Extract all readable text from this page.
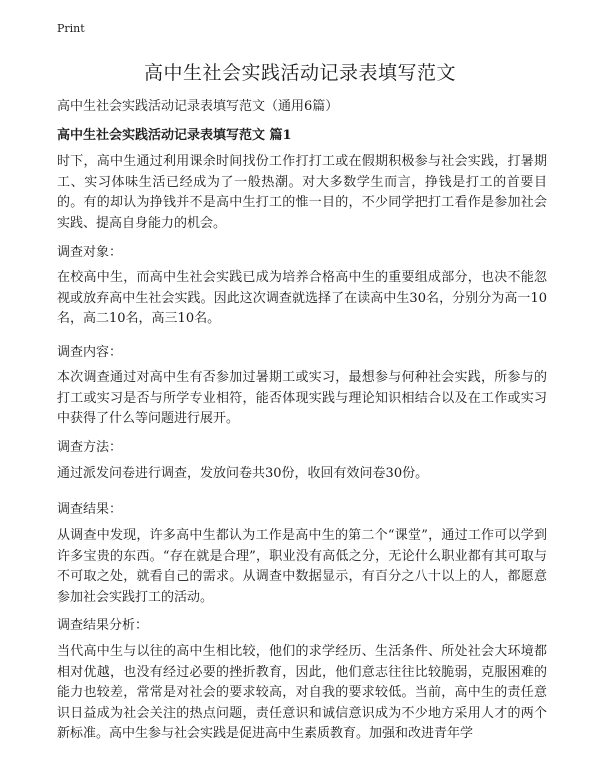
Print
高中生社会实践活动记录表填写范文

高中生社会实践活动记录表填写范文（通用6篇）

高中生社会实践活动记录表填写范文 篇1

时下，高中生通过利用课余时间找份工作打打工或在假期积极参与社会实践，打暑期工、实习体味生活已经成为了一般热潮。对大多数学生而言，挣钱是打工的首要目的。有的却认为挣钱并不是高中生打工的惟一目的，不少同学把打工看作是参加社会实践、提高自身能力的机会。

调查对象：

在校高中生，而高中生社会实践已成为培养合格高中生的重要组成部分，也决不能忽视或放弃高中生社会实践。因此这次调查就选择了在读高中生30名，分别分为高一10名，高二10名，高三10名。

调查内容：

本次调查通过对高中生有否参加过暑期工或实习，最想参与何种社会实践，所参与的打工或实习是否与所学专业相符，能否体现实践与理论知识相结合以及在工作或实习中获得了什么等问题进行展开。

调查方法：

通过派发问卷进行调查，发放问卷共30份，收回有效问卷30份。

调查结果：

从调查中发现，许多高中生都认为工作是高中生的第二个“课堂”，通过工作可以学到许多宝贵的东西。“存在就是合理”，职业没有高低之分，无论什么职业都有其可取与不可取之处，就看自己的需求。从调查中数据显示，有百分之八十以上的人，都愿意参加社会实践打工的活动。

调查结果分析：

当代高中生与以往的高中生相比较，他们的求学经历、生活条件、所处社会大环境都相对优越，也没有经过必要的挫折教育，因此，他们意志往往比较脆弱，克服困难的能力也较差，常常是对社会的要求较高，对自我的要求较低。当前，高中生的责任意识日益成为社会关注的热点问题，责任意识和诚信意识成为不少地方采用人才的两个新标准。高中生参与社会实践是促进高中生素质教育。加强和改进青年学
